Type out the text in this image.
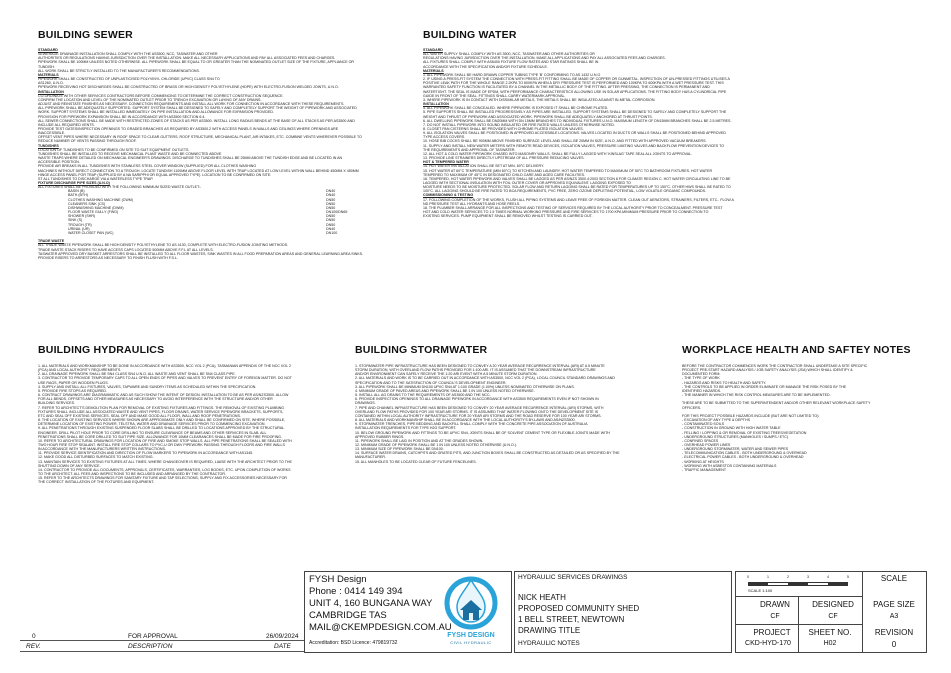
BUILDING SEWER	BUILDING WATER
BUILDING HYDRAULICS	BUILDING STORMWATER	WORKPLACE HEALTH AND SAFTEY NOTES
STANDARD
SEWERAGE DRAINAGE INSTALLATION SHALL COMPLY WITH THE AS3500, NCC, TASWATER AND OTHER
AUTHORITIES OR REGULATIONS HAVING JURISDICTION OVER THE INSTALLATION. MAKE ALL NECESSARY APPLICATIONS AND PAY ALL ASSOCIATED FEES AND CHARGES.
PIPEWORK SHALL BE 100MM UNLESS NOTED OTHERWISE. ALL PIPEWORK SHALL BE EQUAL TO OR GREATER THAN THE NOMINATED OUTLET SIZE OF THE FIXTURE, APPLIANCE OR
TUNDISH.
ALL WORK SHALL BE STRICTLY INSTALLED TO THE MANUFACTURER'S RECOMMENDATIONS.
MATERIALS
PIPEWORK SHALL BE CONSTRUCTED OF UNPLASTICISED POLYVINYL CHLORIDE (UPVC) CLASS SN4 TO
AS1260, U.N.O.
PIPEWORK RECEIVING HOT DISCHARGES SHALL BE CONSTRUCTED OF BRASS OR HIGH DENSITY POLYETHYLENE (HDPE) WITH ELECTRO-FUSION WELDED JOINTS, U.N.O.
INSTALLATION
CO-ORDINATE WITH OTHER SERVICES CONTRACTORS BEFORE COMMENCING TO DETERMINE THE CORRECT CONSTRUCTION SEQUENCE.
CONFIRM THE LOCATION AND LEVEL OF THE NOMINATED OUTLET PRIOR TO TRENCH EXCAVATION OR LAYING OF ANY DRAINS.
ADJUST AND REINSTATE FINISHES AS NECESSARY. CONNECTION REQUIREMENTS AND INSTALL ALL WORK FOR CONNECTION IN ACCORDANCE WITH THESE REQUIREMENTS.
ALL PIPEWORK SHALL BE ADEQUATELY SUPPORTED. SUPPORT SYSTEM SHALL BE DESIGNED TO SAFELY AND COMPLETELY SUPPORT THE WEIGHT OF PIPEWORK AND ASSOCIATED
WORK. SUPPORT SYSTEMS SHALL BE INSTALLED IMMEDIATELY ON PIPE INSTALLATION AND ALLOWANCE FOR EXPANSION PROVIDED.
PROVISION FOR PIPEWORK EXPANSION SHALL BE IN ACCORDANCE WITH AS3500 SECTION 6.4.
ALL SEWER CONNECTIONS SHALL BE MADE WITH RESTRICTED ZONES OF STACKS AS PER AS3500. INSTALL LONG RADIUS BENDS AT THE BASE OF ALL STACKS AS PER AS3500 AND
INCLUDE ALL REQUIRED VENTS.
PROVIDE TEST GATES/INSPECTION OPENINGS TO GRADED BRANCHES AS REQUIRED BY AS3500.2 WITH ACCESS PANELS IN WALLS AND CEILINGS WHERE OPENINGS ARE
INACCESSIBLE.
OFFSET VENT PIPES WHERE NECESSARY IN ROOF SPACE TO CLEAR GUTTERS, ROOF STRUCTURE, MECHANICAL PLANT, AIR INTAKES, ETC. COMBINE VENTS WHEREVER POSSIBLE TO
REDUCE NUMBER OF VENTS PASSING THROUGH ROOF.
TUNDISHES
LOCATION OF TUNDISHES TO BE CONFIRMED ON SITE TO SUIT EQUIPMENT OUTLETS.
TUNDISHES SHALL BE INSTALLED TO RECEIVE MECHANICAL PLANT WASTE AND BE CONNECTED ABOVE
WASTE TRAPS WHERE DETAILED ON MECHANICAL ENGINEER'S DRAWINGS. DISCHARGE TO TUNDISHES SHALL BE 25MM ABOVE THE TUNDISH EDGE AND BE LOCATED IN AN
ACCESSIBLE POSITION.
PROVIDE AIR BREAKS IN ALL TUNDISHES WITH STAINLESS STEEL COVER WINDOW (SUPPLIED) FOR ALL CLOTHES WASHING
MACHINES WITHOUT DIRECT CONNECTION TO A TROUGH. LOCATE TUNDISH 1100MM ABOVE FLOOR LEVEL WITH TRAP LOCATED AT LOW LEVEL WITHIN WALL BEHIND 450MM X 450MM
HINGE ACCESS PANEL FOR TRAP (SUPPLIED BY A NA SARIPPHI OR EQUAL APPROVED TYPE). LOCATION TO BE CONFIRMED ON SITE.
ST ALL TUNDISHES TO DISCHARGE VIA A WATERLESS TYPE TRAP.
FIXTURE DISCHARGE PIPE SIZES (U.N.O)
ALL FIXTURES SHALL BE PROVIDED WITH THE FOLLOWING MINIMUM SIZED WASTE OUTLET:-
BASIN (B)	DN40
BATH (BTH)	DN40
CLOTHES WASHING MACHINE (CWM)	DN50
CLEANERS SINK (CS)	DN50
DISHWASHING MACHINE (DWM)	DN50
FLOOR WASTE GULLY (FWG)	DN100/DN65
SHOWER (SHR)	DN50
SINK (S)	DN50
TROUGH (TR)	DN50
URINAL (UR)	DN40
WATER CLOSET PAN (WC)	DN100

TRADE WASTE
ALL TRADE WASTE PIPEWORK SHALL BE HIGH DENSITY POLYETHYLENE TO AS 4130, COMPLETE WITH ELECTRO-FUSION JOINTING METHODS.
TRADE WASTE STACK RISERS TO HAVE ACCESS CAPS LOCATED 500MM ABOVE F.F.L AT ALL LEVELS.
TASWATER APPROVED DRY BASKET ARRESTORS SHALL BE INSTALLED TO ALL FLOOR WASTES, SINK WASTES IN ALL FOOD PREPARATION AREAS AND GENERAL LEARNING AREA SINKS.
PROVIDE RISERS TO ARRESTORS AS NECESSARY TO FINISH FLUSH WITH F.S.L.
STANDARD
ALL WATER SUPPLY SHALL COMPLY WITH AS 3500, NCC, TASWATER AND OTHER AUTHORITIES OR
REGULATIONS HAVING JURISDICTION OVER THE INSTALLATION. MAKE ALL APPLICATIONS AND PAY ALL ASSOCIATED FEES AND CHARGES.
ALL FIXTURES SHALL COMPLY WITH AS6400 FIXTURE FLOW RATES AND STAR RATINGS SHALL BE IN
ACCORDANCE WITH THE SPECIFICATION AND/OR FIXTURE SCHEDULE.
MATERIALS
1. ALL PIPEWORK SHALL BE HARD DRAWN COPPER TUBING TYPE 'B' CONFORMING TO AS 1432 U.N.O
2. IF USING A PRESS-FIT SYSTEM THE CONNECTION WITH PRESS-FIT FITTING SHALL BE MADE OF COPPER OR GUNMETAL. INSPECTION OF UN-PRESSED FITTINGS UTILISES A
POSITIVE LEAK PATH FOR THE WHOLE RANGE 2.2KPA TO 600KPA WHEN A DRY PRESSURE TEST IS PERFORMED AND 100KPA TO 600KPA WITH A WET PRESSURE TEST. THIS
WARRANTED SAFETY FUNCTION IS FACILITATED BY A CHANNEL IN THE METALLIC BODY OF THE FITTING. AFTER PRESSING, THE CONNECTION IS PERMANENT AND
WATERTIGHT. THE SEAL IS MADE OF EPDM, WITH PERFORMANCE CHARACTERISTICS ALLOWING USE IN SOLAR APPLICATIONS. THE FITTING BODY HAS A CYLINDRICAL PIPE
GUIDE IN FRONT OF THE SEAL. FITTINGS SHALL CARRY WATERMARK APPROVAL.
3. WHERE PIPEWORK IS IN CONTACT WITH DISSIMILAR METALS, THE METALS SHALL BE INSULATED AGAINST BI-METAL CORROSION.
INSTALLATION
4. ALL PIPEWORK SHALL BE CONCEALED. WHERE PIPEWORK IS EXPOSED IT SHALL BE CHROME PLATED.
5. PIPE SUPPORTS SHALL BE INSTALLED PROGRESSIVELY AS PIPES ARE INSTALLED. SUPPORT SYSTEMS SHALL BE DESIGNED TO SAFELY AND COMPLETELY SUPPORT THE
WEIGHT AND THRUST OF PIPEWORK AND ASSOCIATED WORK. PIPEWORK SHALL BE ADEQUATELY ANCHORED AT THRUST POINTS.
6. ALL DWELLING PIPEWORK SHALL BE DN20MM WITH DN 15MM BRANCHES TO INDIVIDUAL FIXTURES U.N.O. MAXIMUM LENGTH OF DN15MM BRANCHES SHALL BE 2.5 METRES.
7. DO NOT INSTALL PIPEWORK INTO SOUND INSULATED OR FIRE RATED WALLS UNLESS OTHERWISE NOTED.
8. CLOSET PAN CISTERNS SHALL BE PROVIDED WITH CHROME PLATED ISOLATION VALVES.
9. ALL ISOLATION VALVES SHALL BE POSITIONED IN APPROVED ACCESSIBLE LOCATIONS. VALVES LOCATED IN DUCTS OR WALLS SHALL BE POSITIONED BEHIND APPROVED
TYPE ACCESS COVERS.
10. HOSE BIB COCKS SHALL BE 900MM ABOVE FINISHED SURFACE LEVEL AND SHALL BE 20MM IN SIZE, U.N.O. AND FITTED WITH APPROVED VACUUM BREAKERS.
11. SUPPLY AND INSTALL NEW WATER METERS WITH REMOTE READ DEVICES, ISOLATION VALVES, PRESSURE LIMITING VALVES AND BACKFLOW PREVENTION DEVICES TO
THE REQUIREMENTS AND APPROVAL OF TASWATER.
12. ALL HOT & COLD WATER PIPEWORK CHASED INTO MASONRY WALLS, SHALL BE FULLY LAGGED WITH 'KINSLAG' TAPE SEAL ALL JOINTS TO APPROVAL.
13. PROVIDE LINE STRAINERS DIRECTLY UPSTREAM OF ALL PRESSURE REDUCING VALVES.
HOT & TEMPERED WATER
14. HOT WATER INSTALLATION SHALL BE SET AT MIN. 60°C DELIVERY.
15. HOT WATER AT 60°C TEMPERATURE (MIN 60°C) TO KITCHEN AND LAUNDRY. HOT WATER TEMPERED TO MAXIMUM OF 50°C TO BATHROOM FIXTURES. HOT WATER
TEMPERED TO MAXIMUM OF 45°C IN DESIGNATED CHILD CARE AND AGED CARE FACILITIES.
16. TEMPERED, HOT WATER PIPEWORK AND VALVES SHALL BE LAGGED AS PER AS/NZS 3500.4:2003 SECTION 8 FOR CLIMATE REGION C. HOT WATER CIRCULATING LINE TO BE
LAGGED WITH SECTIONAL INSULATION WITH FOIL OUTER COVER OR APPROVED EQUIVALENT. LAGGING EXPOSED TO
MOISTURE NEEDS TO BE MOISTURE PROTECTED. SOLAR FLOW AND RETURN LAGGING SHALL BE RATED FOR TEMPERATURES UP TO 150°C. OTHER HWS SHALL BE RATED TO
100°C. ALL LAGGING SHOULD BE FIRE RATED TO BCA REQUIREMENTS, PVC FREE, ZERO OZONE DEPLETING POTENTIAL, LOW VOLATILE ORGANIC COMPOUNDS.
COMMISSIONING & TESTING
17. FOLLOWING COMPLETION OF THE WORKS, FLUSH ALL PIPING SYSTEMS AND LEAVE FREE OF FOREIGN MATTER. CLEAN OUT AERATORS, STRAINERS, FILTERS, ETC.. FLOW A
ND PRESSURE TEST ALL HYDRANTS AND HOSE REELS.
18. THE PLUMBER SHALL ARRANGE FOR ALL INSPECTIONS AND TESTING OF SERVICES REQUIRED BY THE LOCAL AUTHORITY PRIOR TO CONCEALMENT. PRESSURE TEST
HOT AND COLD WATER SERVICES TO 1.5 TIMES NORMAL WORKING PRESSURE AND FIRE SERVICES TO 1700 KPA MINIMUM PRESSURE PRIOR TO CONNECTION TO
EXISTING SERVICES. PUMP EQUIPMENT SHALL BE REMOVED WHILST TESTING IS CARRIED OUT.
1. ALL MATERIALS AND WORKMANSHIP TO BE DONE IN ACCORDANCE WITH AS3500, NCC VOL 2 (PCA), TASMANIAN APPENDIX OF THE NCC VOL 2
(PCA) AND LOCAL AUTHORITY REQUIREMENTS.
2. ALL DRAINAGE PIPEWORK SHALL BE SN4 CLASS SN4 U.N.O. ALL WASTE AND VENT SHALL BE SN4 CLASS PIPE.
3. CONTRACTOR TO PROVIDE TEMPORARY CAPS TO ALL OPEN ENDS OF PIPES AND VALVES TO PREVENT ENTRY OF FOREIGN MATTER. DO NOT
USE RAGS, PAPER OR WOODEN PLUGS.
4. SUPPLY AND INSTALL ALL FIXTURES, VALVES, TAPWARE AND SUNDRY ITEMS AS SCHEDULED WITHIN THE SPECIFICATION.
5. PROVIDE FIRE STOPS AS REQUIRED.
6. CONTRACT DRAWINGS ARE DIAGRAMMATIC AND AS SUCH SHOW THE INTENT OF DESIGN. INSTALLATION TO BE AS PER AS/NZS3500. ALLOW
FOR ALL BENDS, OFFSETS AND OTHER MEASURES AS NECESSARY TO AVOID INTERFERENCE WITH THE STRUCTURE AND/OR OTHER
BUILDING SERVICES.
7. REFER TO ARCHITECT'S DEMOLITION PLAN FOR REMOVAL OF EXISTING FIXTURES AND FITTINGS. THE REMOVAL OF EXISTING PLUMBING
FIXTURES SHALL INCLUDE ALL ASSOCIATED WASTE AND VENT PIPES, FLOOR DRAINS, WATER SERVICE PIPEWORK BRACKETS, SUPPORTS,
ETC AND SEAL OFF EXISTING SERVICES. SEAL OFF AND MAKE GOOD ALL FLOOR, WALL AND ROOF PENETRATIONS.
8. THE LOCATION OF EXISTING SERVICES WHERE SHOWN ARE APPROXIMATE ONLY AND SHALL BE CONFIRMED ON SITE, WHERE POSSIBLE,
DETERMINE LOCATION OF EXISTING POWER, TELSTRA, WATER AND DRAINAGE SERVICES PRIOR TO COMMENCING EXCAVATION.
9. ALL PENETRATIONS THROUGH EXISTING SUSPENDED FLOOR SLABS SHALL BE DRILLED TO LOCATIONS APPROVED BY THE STRUCTURAL
ENGINEER. DRILL PILOT HOLE PRIOR TO CORE DRILLING TO ENSURE CLEARANCE OF BEAMS AND OTHER SERVICES IN SLAB. ALL
PENETRATIONS SHALL BE CORE DRILLED TO SUIT PIPE SIZE. ALLOWANCE FOR 10MM CLEARANCES SHALL BE MADE FOR FIRE PROOFING.
10. REFER TO ARCHITECTURAL DRAWINGS FOR LOCATION OF FIRE AND SMOKE STOP WALLS. ALL PIPE PENETRATIONS SHALL BE SEALED WITH
TWO HOUR FIRE STOP SEALANT. INSTALL FIRE STOP COLLARS TO PVC-U OR DWV PIPEWORK PASSING THROUGH FLOORS AND FIRE WALLS
IN ACCORDANCE WITH THE MANUFACTURERS WRITTEN INSTRUCTIONS.
11. PROVIDE SERVICE IDENTIFICATION AND DIRECTION OF FLOW MARKERS TO PIPEWORK IN ACCORDANCE WITH AS1345.
12. MAKE GOOD ALL DISTURBED SURFACES TO MATCH EXISTING.
13. MAINTAIN SERVICES TO EXISTING FIXTURES AT ALL TIMES. WHERE CHANGEOVER IS REQUIRED, LIAISE WITH THE ARCHITECT PRIOR TO THE
SHUTTING DOWN OF ANY SERVICE.
14. CONTRACTOR TO PROVIDE ALL DOCUMENTS, APPROVALS, CERTIFICATES, WARRANTIES, LOG BOOKS, ETC. UPON COMPLETION OF WORKS
TO THE ARCHITECT. ALL FEES AND INSPECTIONS TO BE INCLUDED AND ARRANGED BY THE CONTRACTOR.
15. REFER TO THE ARCHITECTS DRAWINGS FOR SANITARY FIXTURE AND TAP SELECTIONS, SUPPLY AND FIX ACCESSORIES NECESSARY FOR
THE CORRECT INSTALLATION OF THE FIXTURES AND EQUIPMENT.
1. STORMWATER PIPE INFRASTRUCTURE HAS BEEN DESIGNED TO CONVEY A 20 YEAR AVERAGE RECURRENCE INTERVAL (ARI) AT A 5 MINUTE
STORM DURATION, WITH OVERLAND FLOW PATHS PROVIDED FOR 1:100 ARI. IT IS ASSUMED THAT THE DOWNSTREAM INFRASTRUCTURE
AND/OR ENVIRONMENT CAN SAFELY RECEIVE THE 1:20 ARI EVENT WITH A 5 MINUTE STORM DURATION.
2. ALL MATERIALS AND WORK IS TO BE CARRIED OUT IN ACCORDANCE WITH AS3500, NCC VOL 2 (PCA), LOCAL COUNCIL STANDARD DRAWINGS AND
SPECIFICATION AND TO THE SATISFACTION OF COUNCIL'S DEVELOPMENT ENGINEER.
3. ALL PIPEWORK SHALL BE MINIMUM DN100 UPVC SN4 AT 1:100 GRADE (1.00%) UNLESS NOMINATED OTHERWISE ON PLANS.
4. MINIMUM GRADE OF PAVED AREAS AND PIPEWORK SHALL BE 1 IN 100 UNLESS NOTED OTHERWISE.
5. INSTALL ALL AG DRAINS TO THE REQUIREMENTS OF AS3500 AND THE NCC.
6. PROVIDE INSPECTION OPENINGS TO ALL DRAINAGE PIPEWORK IN ACCORDANCE WITH AS3500 REQUIREMENTS EVEN IF NOT SHOWN IN
DRAWINGS.
7. PIPE AND CHANNEL INFRASTRUCTURE HAS BEEN DESIGNED TO CONVEY 20 YEAR AVERAGE RECURRENCE INTERVAL (ARI) STORMS, WITH
OVERLAND FLOW PATHS PROVIDED FOR 100 YEAR ARI STORMS. IT IS ASSUMED THAT WATER FLOWING ONTO THE DEVELOPMENT SITE IS
CONTAINED WITHIN LOCAL AUTHORITY INFRASTRUCTURE FOR 20 YEAR ARI STORMS AND THE ROAD RESERVE FOR 100 YEAR ARI STORMS.
8. ALL MATERIALS AND WORKMANSHIP SHALL BE IN ACCORDANCE WITH THE LOCAL AUTHORITY'S BY-LAWS AND AS/NZS3500.
9. STORMWATER TRENCHES, PIPE BEDDING AND BACKFILL SHALL COMPLY WITH THE CONCRETE PIPE ASSOCIATION OF AUSTRALIA
INSTALLATION REQUIREMENTS FOR TYPE H2G SUPPORT.
10. BELOW GROUND PIPEWORK AND FITTINGS TO BE UPVC SN4, JOINTS SHALL BE OF SOLVENT CEMENT TYPE OR FLEXIBLE JOINTS MADE WITH
APPROVED RUBBER RINGS.
11. PIPEWORK SHALL BE LAID IN POSITION AND AT THE GRADES SHOWN.
12. MINIMUM GRADE OF PIPEWORK SHALL BE 1 IN 100 UNLESS NOTED OTHERWISE (U.N.O.).
13. MINIMUM SIZE OF PIPEWORK SHALL BE DN100.
14. SURFACE WATER DRAINS, CATCHPITS AND GRATED PITS, AND JUNCTION BOXES SHALL BE CONSTRUCTED AS DETAILED OR AS SPECIFIED BY THE
MANUFACTURER.
15. ALL MANHOLES TO BE LOCATED CLEAR OF FUTURE FENCELINES.
BEFORE THE CONTRACTOR COMMENCES WORK THE CONTRACTOR SHALL UNDERTAKE A SITE SPECIFIC
PROJECT PRE-START HAZARD ANALYSIS / JOB SAFETY ANALYSIS (JSA) WHICH SHALL IDENTIFY &
DOCUMENTED FORM:
- THE TYPE OF WORK
- HAZARDS AND RISKS TO HEALTH AND SAFETY.
- THE CONTROLS TO BE APPLIED IN ORDER ELIMINATE OR MANAGE THE RISK POSED BY THE
IDENTIFIED HAZARDS.
- THE MANNER IN WHICH THE RISK CONTROL MEASURES ARE TO BE IMPLEMENTED.

THESE ARE TO BE SUBMITTED TO THE SUPERINTENDENT AND/OR OTHER RELEVANT WORKPLACE SAFETY
OFFICERS.

FOR THIS PROJECT POSSIBLE HAZARDS INCLUDE (BUT ARE NOT LIMITED TO):
- EXCAVATION OF ANY TYPE & DEPTHS
- CONTAMINATED SOILS
- CONSTRUCTION IN GROUND WITH HIGH WATER TABLE
- FELLING / LOPPING & OR REMOVAL OF EXISTING TREES/VEGETATION
- UNDERGROUND STRUCTURES (MANHOLES / SUMPS / ETC)
- CONFINED SPACES
- OVERHEAD POWER LINES
- UNDERGROUND STORMWATER, WATER AND SEWER PIPES
- TELECOMMUNICATION CABLES - BOTH UNDERGROUND & OVERHEAD
- ELECTRICAL POWER CABLES - BOTH UNDERGROUND & OVERHEAD
- WORKING AT HEIGHTS
- WORKING WITH ASBESTOS CONTAINING MATERIALS
- TRAFFIC MANAGEMENT
0	FOR APPROVAL	26/09/2024
REV.	DESCRIPTION	DATE
FYSH Design
Phone : 0414 149 394
UNIT 4, 160 BUNGANA WAY
CAMBRIDGE TAS
MAIL@CKEMPDESIGN.COM.AU
Accreditation: BSD Licence: 479819732
FYSH DESIGN
CIVIL HYDRAULIC
HYDRAULIC SERVICES DRAWINGS
NICK HEATH
PROPOSED COMMUNITY SHED
1 BELL STREET, NEWTOWN
DRAWING TITLE
HYDRAULIC NOTES
0	1	2	3	4	5
SCALE 1:100
DRAWN
CF
DESIGNED
CF
PROJECT
CKD-HYD-170
SHEET NO.
H02
SCALE
PAGE SIZE
A3
REVISION
0
